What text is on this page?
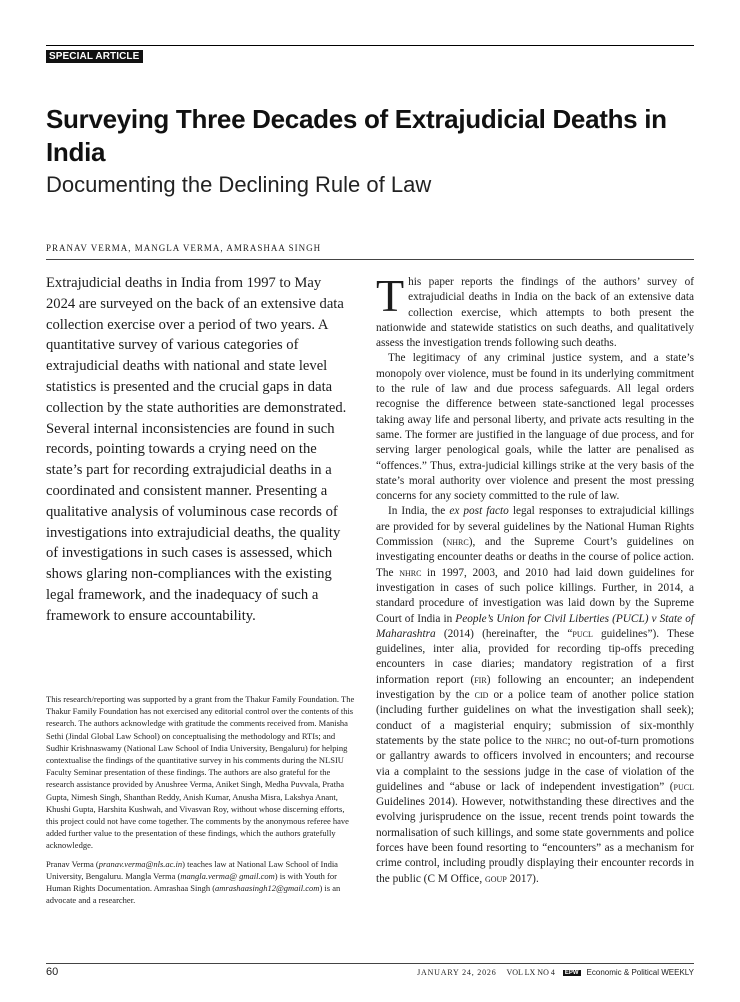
SPECIAL ARTICLE
Surveying Three Decades of Extrajudicial Deaths in India
Documenting the Declining Rule of Law
PRANAV VERMA, MANGLA VERMA, AMRASHAA SINGH

Extrajudicial deaths in India from 1997 to May 2024 are surveyed on the back of an extensive data collection exercise over a period of two years. A quantitative survey of various categories of extrajudicial deaths with national and state level statistics is presented and the crucial gaps in data collection by the state authorities are demonstrated. Several internal inconsistencies are found in such records, pointing towards a crying need on the state’s part for recording extrajudicial deaths in a coordinated and consistent manner. Presenting a qualitative analysis of voluminous case records of investigations into extrajudicial deaths, the quality of investigations in such cases is assessed, which shows glaring non-compliances with the existing legal framework, and the inadequacy of such a framework to ensure accountability.

This research/reporting was supported by a grant from the Thakur Family Foundation. The Thakur Family Foundation has not exercised any editorial control over the contents of this research. The authors acknowledge with gratitude the comments received from. Manisha Sethi (Jindal Global Law School) on conceptualising the methodology and RTIs; and Sudhir Krishnaswamy (National Law School of India University, Bengaluru) for helping contextualise the findings of the quantitative survey in his comments during the NLSIU Faculty Seminar presentation of these findings. The authors are also grateful for the research assistance provided by Anushree Verma, Aniket Singh, Medha Puvvala, Pratha Gupta, Nimesh Singh, Shanthan Reddy, Anish Kumar, Anusha Misra, Lakshya Anant, Khushi Gupta, Harshita Kushwah, and Vivasvan Roy, without whose discerning efforts, this project could not have come together. The comments by the anonymous referee have added further value to the presentation of these findings, which the authors gratefully acknowledge.

Pranav Verma (pranav.verma@nls.ac.in) teaches law at National Law School of India University, Bengaluru. Mangla Verma (mangla.verma@ gmail.com) is with Youth for Human Rights Documentation. Amrashaa Singh (amrashaasingh12@gmail.com) is an advocate and a researcher.

This paper reports the findings of the authors’ survey of extrajudicial deaths in India on the back of an extensive data collection exercise, which attempts to both present the nationwide and statewide statistics on such deaths, and qualitatively assess the investigation trends following such deaths.

The legitimacy of any criminal justice system, and a state’s monopoly over violence, must be found in its underlying commitment to the rule of law and due process safeguards. All legal orders recognise the difference between state-sanctioned legal processes taking away life and personal liberty, and private acts resulting in the same. The former are justified in the language of due process, and for serving larger penological goals, while the latter are penalised as “offences.” Thus, extra-judicial killings strike at the very basis of the state’s moral authority over violence and present the most pressing concerns for any society committed to the rule of law.

In India, the ex post facto legal responses to extrajudicial killings are provided for by several guidelines by the National Human Rights Commission (nhrc), and the Supreme Court’s guidelines on investigating encounter deaths or deaths in the course of police action. The nhrc in 1997, 2003, and 2010 had laid down guidelines for investigation in cases of such police killings. Further, in 2014, a standard procedure of investigation was laid down by the Supreme Court of India in People’s Union for Civil Liberties (PUCL) v State of Maharashtra (2014) (hereinafter, the “pucl guidelines”). These guidelines, inter alia, provided for recording tip-offs preceding encounters in case diaries; mandatory registration of a first information report (fir) following an encounter; an independent investigation by the cid or a police team of another police station (including further guidelines on what the investigation shall seek); conduct of a magisterial enquiry; submission of six-monthly statements by the state police to the nhrc; no out-of-turn promotions or gallantry awards to officers involved in encounters; and recourse via a complaint to the sessions judge in the case of violation of the guidelines and “abuse or lack of independent investigation” (pucl Guidelines 2014). However, notwithstanding these directives and the evolving jurisprudence on the issue, recent trends point towards the normalisation of such killings, and some state governments and police forces have been found resorting to “encounters” as a mechanism for crime control, including proudly displaying their encounter records in the public (C M Office, goup 2017).

60	JANUARY 24, 2026 VOL LX NO 4 EPW Economic & Political WEEKLY
